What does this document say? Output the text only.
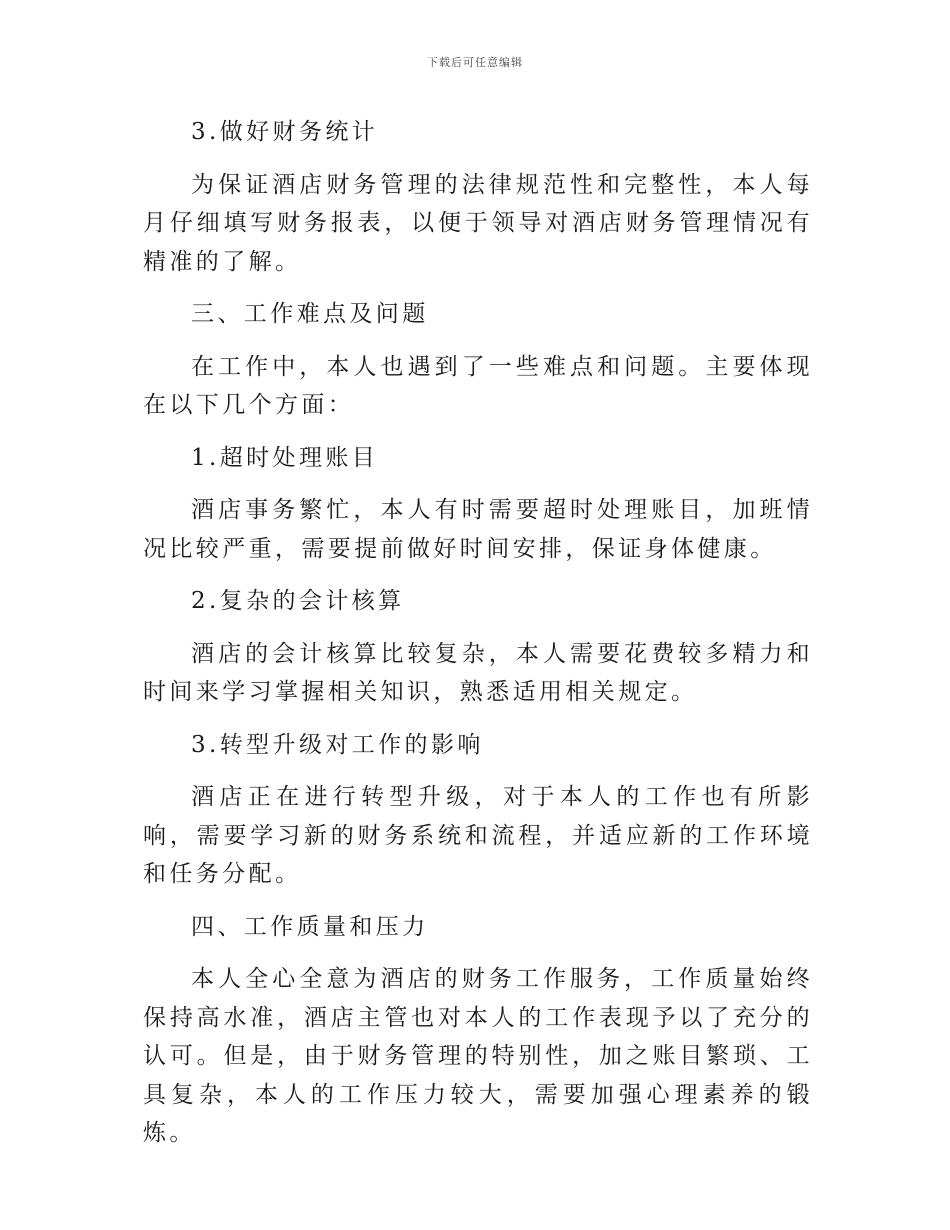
下载后可任意编辑

3.做好财务统计

为保证酒店财务管理的法律规范性和完整性，本人每月仔细填写财务报表，以便于领导对酒店财务管理情况有精准的了解。

三、工作难点及问题

在工作中，本人也遇到了一些难点和问题。主要体现在以下几个方面：

1.超时处理账目

酒店事务繁忙，本人有时需要超时处理账目，加班情况比较严重，需要提前做好时间安排，保证身体健康。

2.复杂的会计核算

酒店的会计核算比较复杂，本人需要花费较多精力和时间来学习掌握相关知识，熟悉适用相关规定。

3.转型升级对工作的影响

酒店正在进行转型升级，对于本人的工作也有所影响，需要学习新的财务系统和流程，并适应新的工作环境和任务分配。

四、工作质量和压力

本人全心全意为酒店的财务工作服务，工作质量始终保持高水准，酒店主管也对本人的工作表现予以了充分的认可。但是，由于财务管理的特别性，加之账目繁琐、工具复杂，本人的工作压力较大，需要加强心理素养的锻炼。
